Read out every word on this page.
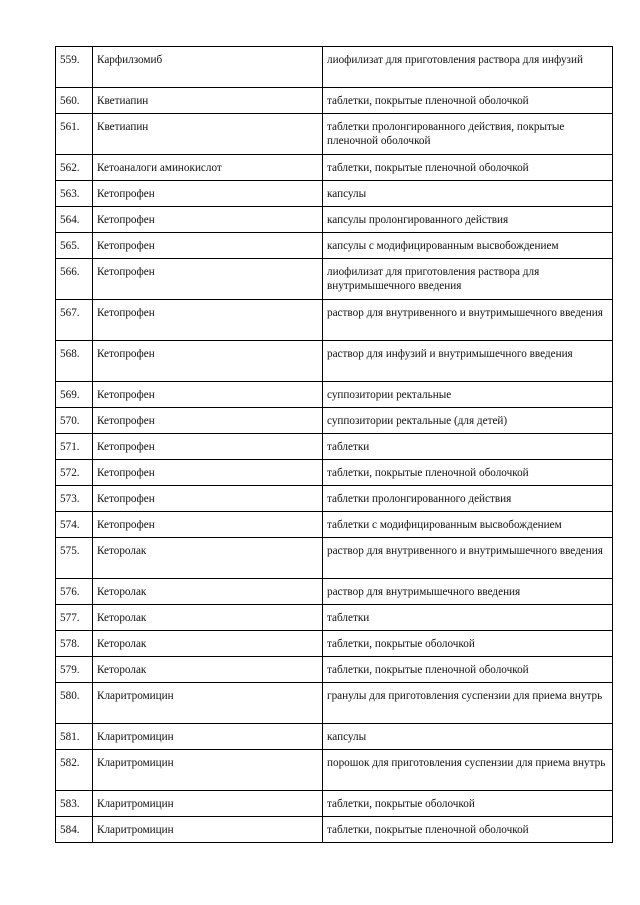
559.	Карфилзомиб	лиофилизат для приготовления раствора для инфузий
560.	Кветиапин	таблетки, покрытые пленочной оболочкой
561.	Кветиапин	таблетки пролонгированного действия, покрытые пленочной оболочкой
562.	Кетоаналоги аминокислот	таблетки, покрытые пленочной оболочкой
563.	Кетопрофен	капсулы
564.	Кетопрофен	капсулы пролонгированного действия
565.	Кетопрофен	капсулы с модифицированным высвобождением
566.	Кетопрофен	лиофилизат для приготовления раствора для внутримышечного введения
567.	Кетопрофен	раствор для внутривенного и внутримышечного введения
568.	Кетопрофен	раствор для инфузий и внутримышечного введения
569.	Кетопрофен	суппозитории ректальные
570.	Кетопрофен	суппозитории ректальные (для детей)
571.	Кетопрофен	таблетки
572.	Кетопрофен	таблетки, покрытые пленочной оболочкой
573.	Кетопрофен	таблетки пролонгированного действия
574.	Кетопрофен	таблетки с модифицированным высвобождением
575.	Кеторолак	раствор для внутривенного и внутримышечного введения
576.	Кеторолак	раствор для внутримышечного введения
577.	Кеторолак	таблетки
578.	Кеторолак	таблетки, покрытые оболочкой
579.	Кеторолак	таблетки, покрытые пленочной оболочкой
580.	Кларитромицин	гранулы для приготовления суспензии для приема внутрь
581.	Кларитромицин	капсулы
582.	Кларитромицин	порошок для приготовления суспензии для приема внутрь
583.	Кларитромицин	таблетки, покрытые оболочкой
584.	Кларитромицин	таблетки, покрытые пленочной оболочкой
